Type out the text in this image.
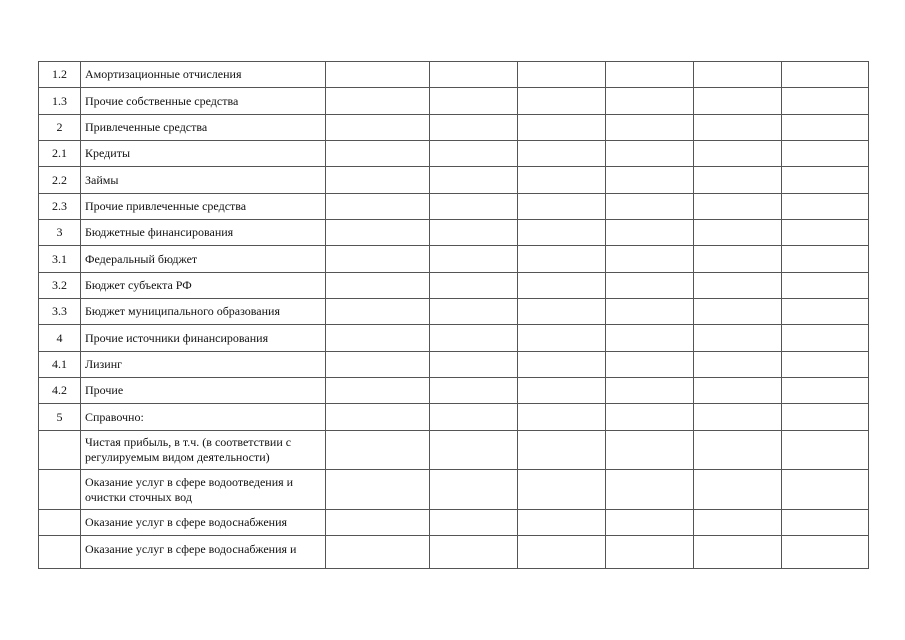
1.2	Амортизационные отчисления						
1.3	Прочие собственные средства						
2	Привлеченные средства						
2.1	Кредиты						
2.2	Займы						
2.3	Прочие привлеченные средства						
3	Бюджетные финансирования						
3.1	Федеральный бюджет						
3.2	Бюджет субъекта РФ						
3.3	Бюджет муниципального образования						
4	Прочие источники финансирования						
4.1	Лизинг						
4.2	Прочие						
5	Справочно:						
	Чистая прибыль, в т.ч. (в соответствии с регулируемым видом деятельности)						
	Оказание услуг в сфере водоотведения и очистки сточных вод						
	Оказание услуг в сфере водоснабжения						
	Оказание услуг в сфере водоснабжения и						
